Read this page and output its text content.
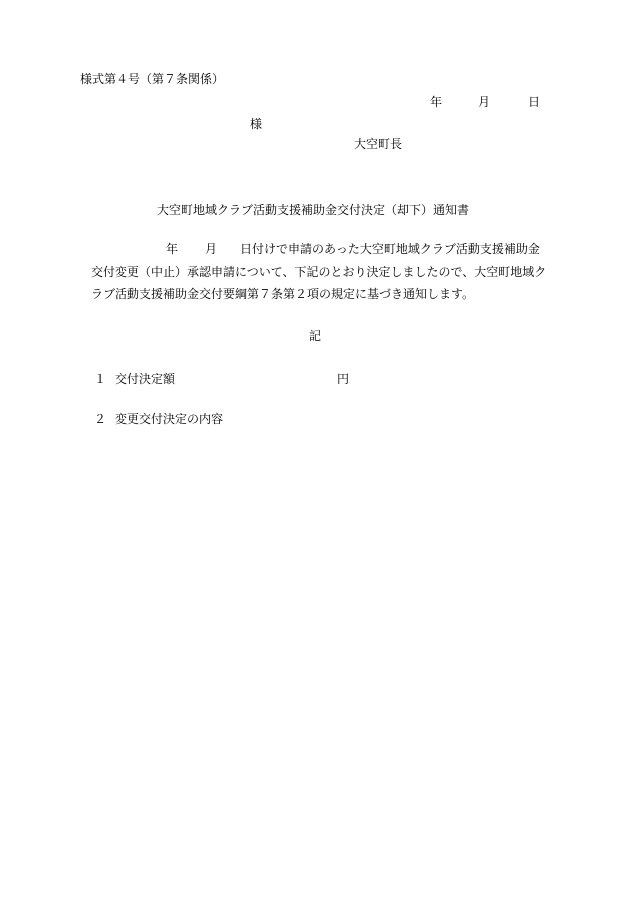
様式第４号（第７条関係）
年	月	日
様
大空町長
大空町地域クラブ活動支援補助金交付決定（却下）通知書
年 月 日付けで申請のあった大空町地域クラブ活動支援補助金
交付変更（中止）承認申請について、下記のとおり決定しましたので、大空町地域ク
ラブ活動支援補助金交付要綱第７条第２項の規定に基づき通知します。
記
１ 交付決定額	円
２ 変更交付決定の内容
